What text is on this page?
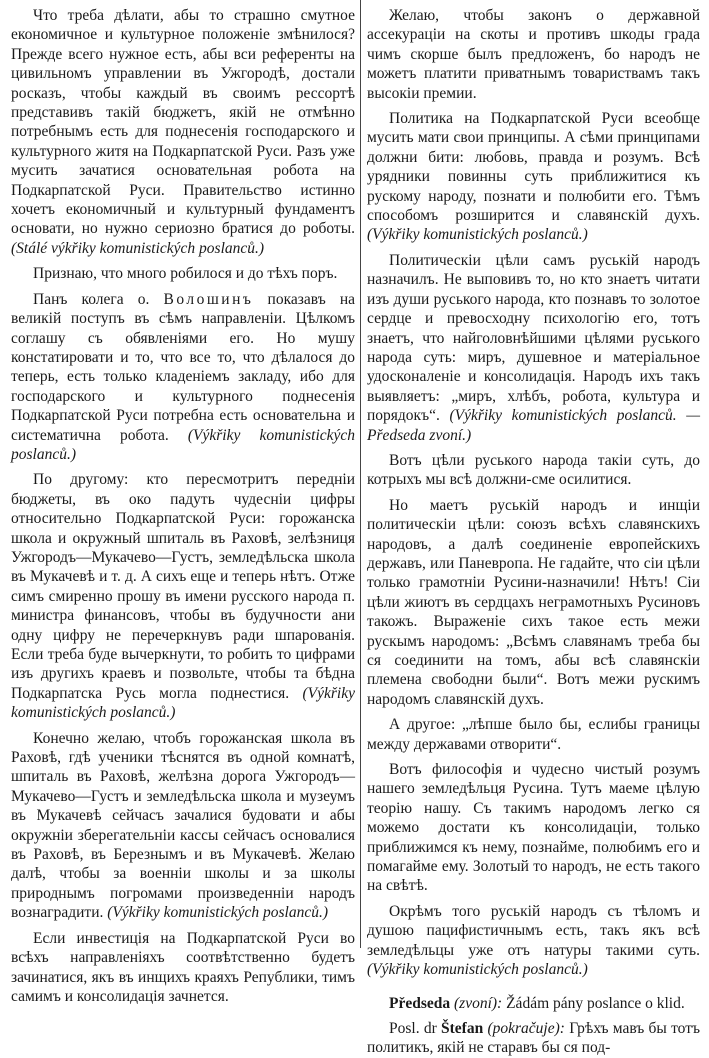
Что треба дѣлати, абы то страшно смутное економичное и культурное положеніе змѣнилося? Прежде всего нужное есть, абы вси референты на цивильномъ управлении въ Ужгородѣ, достали росказъ, чтобы каждый въ своимъ рессортѣ представивъ такій бюджетъ, якій не отмѣнно потребнымъ есть для поднесенія господарского и культурного житя на Подкарпатской Руси. Разъ уже мусить зачатися основательная робота на Подкарпатской Руси. Правительство истинно хочетъ економичный и культурный фундаментъ основати, но нужно сериозно братися до роботы. (Stálé výkřiky komunistických poslanců.)

Признаю, что много робилося и до тѣхъ поръ.

Панъ колега о. Волошинъ показавъ на великій поступъ въ сѣмъ направленіи. Цѣлкомъ соглашу съ обявленіями его. Но мушу констатировати и то, что все то, что дѣлалося до теперь, есть только кладеніемъ закладу, ибо для господарского и культурного поднесенія Подкарпатской Руси потребна есть основательна и систематична робота. (Výkřiky komunistických poslanců.)

По другому: кто пересмотритъ передніи бюджеты, въ око падуть чудесніи цифры относительно Подкарпатской Руси: горожанска школа и окружный шпиталь въ Раховѣ, зелѣзниця Ужгородъ—Мукачево—Густъ, земледѣльска школа въ Мукачевѣ и т. д. А сихъ еще и теперь нѣтъ. Отже симъ смиренно прошу въ имени русского народа п. министра финансовъ, чтобы въ будучности ани одну цифру не перечеркнувъ ради шпарованія. Если треба буде вычеркнути, то робить то цифрами изъ другихъ краевъ и позвольте, чтобы та бѣдна Подкарпатска Русь могла поднестися. (Výkřiky komunistických poslanců.)

Конечно желаю, чтобъ горожанская школа въ Раховѣ, гдѣ ученики тѣснятся въ одной комнатѣ, шпиталь въ Раховѣ, желѣзна дорога Ужгородъ—Мукачево—Густъ и земледѣльска школа и музеумъ въ Мукачевѣ сейчасъ зачалися будовати и абы окружніи зберегательніи кассы сейчасъ основалися въ Раховѣ, въ Березнымъ и въ Мукачевѣ. Желаю далѣ, чтобы за военніи школы и за школы природнымъ погромами произведенніи народъ вознаградити. (Výkřiky komunistických poslanců.)

Если инвестиція на Подкарпатской Руси во всѣхъ направленіяхъ соотвѣтственно будетъ зачинатися, якъ въ инщихъ краяхъ Републики, тимъ самимъ и консолидація зачнется.

Желаю, чтобы законъ о державной ассекураціи на скоты и противъ шкоды града чимъ скорше былъ предложенъ, бо народъ не можетъ платити приватнымъ товариствамъ такъ высокіи премии.

Политика на Подкарпатской Руси всеобще мусить мати свои принципы. А сѣми принципами должни бити: любовь, правда и розумъ. Всѣ урядники повинны суть приближитися къ рускому народу, познати и полюбити его. Тѣмъ способомъ розширится и славянскій духъ. (Výkřiky komunistických poslanců.)

Политическіи цѣли самъ руській народъ назначилъ. Не выповивъ то, но кто знаетъ читати изъ души руського народа, кто познавъ то золотое сердце и превосходну психологію его, тотъ знаетъ, что найголовнѣйшими цѣлями руського народа суть: миръ, душевное и матеріальное удосконаленіе и консолидація. Народъ ихъ такъ выявляетъ: „миръ, хлѣбъ, робота, культура и порядокъ“. (Výkřiky komunistických poslanců. — Předseda zvoní.)

Вотъ цѣли руського народа такіи суть, до котрыхъ мы всѣ должни-сме осилитися.

Но маетъ руській народъ и инщіи политическіи цѣли: союзъ всѣхъ славянскихъ народовъ, а далѣ соединеніе европейскихъ державъ, или Паневропа. Не гадайте, что сіи цѣли только грамотніи Русини-назначили! Нѣтъ! Сіи цѣли жиютъ въ сердцахъ неграмотныхъ Русиновъ такожъ. Выраженіе сихъ такое есть межи рускымъ народомъ: „Всѣмъ славянамъ треба бы ся соединити на томъ, абы всѣ славянскіи племена свободни были“. Вотъ межи рускимъ народомъ славянскій духъ.

А другое: „лѣпше было бы, еслибы границы между державами отворити“.

Вотъ философія и чудесно чистый розумъ нашего земледѣльця Русина. Тутъ маеме цѣлую теорію нашу. Съ такимъ народомъ легко ся можемо достати къ консолидаціи, только приближимся къ нему, познайме, полюбимъ его и помагайме ему. Золотый то народъ, не есть такого на свѣтѣ.

Окрѣмъ того руській народъ съ тѣломъ и душою пацифистичнымъ есть, такъ якъ всѣ земледѣльцы уже отъ натуры такими суть. (Výkřiky komunistických poslanců.)

Předseda (zvoní): Žádám pány poslance o klid.

Posl. dr Štefan (pokračuje): Грѣхъ мавъ бы тотъ политикъ, якій не старавъ бы ся под-
